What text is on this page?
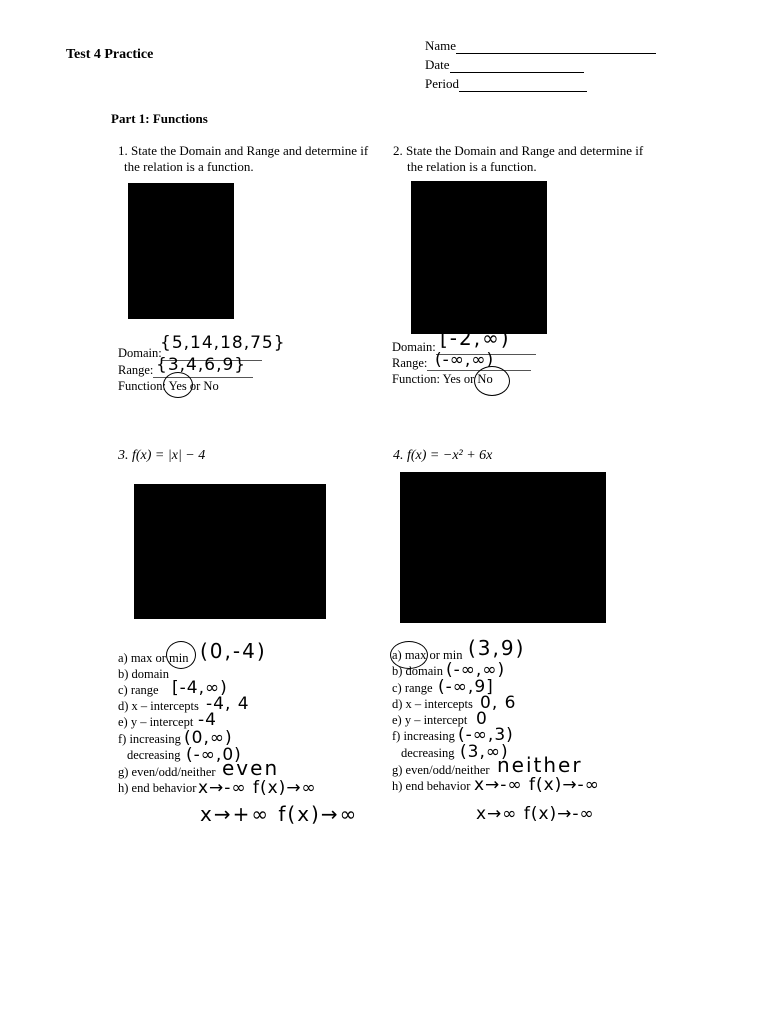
Test 4 Practice
Name
Date
Period
Part 1: Functions
1. State the Domain and Range and determine if
the relation is a function.
Domain:
{5,14,18,75}
Range: {3,4,6,9}
Function: Yes or No
2. State the Domain and Range and determine if
the relation is a function.
Domain: [-2,∞)
Range: (-∞,∞)
Function: Yes or No
3. f(x) = |x| − 4
a) max or min (0,-4)
b) domain
c) range [-4,∞)
d) x – intercepts -4, 4
e) y – intercept -4
f) increasing (0,∞)
decreasing (-∞,0)
g) even/odd/neither even
h) end behavior x→-∞ f(x)→∞
x→+∞ f(x)→∞
4. f(x) = −x² + 6x
a) max or min (3,9)
b) domain (-∞,∞)
c) range (-∞,9]
d) x – intercepts 0, 6
e) y – intercept 0
f) increasing (-∞,3)
decreasing (3,∞)
g) even/odd/neither neither
h) end behavior x→-∞ f(x)→-∞
x→∞ f(x)→-∞
